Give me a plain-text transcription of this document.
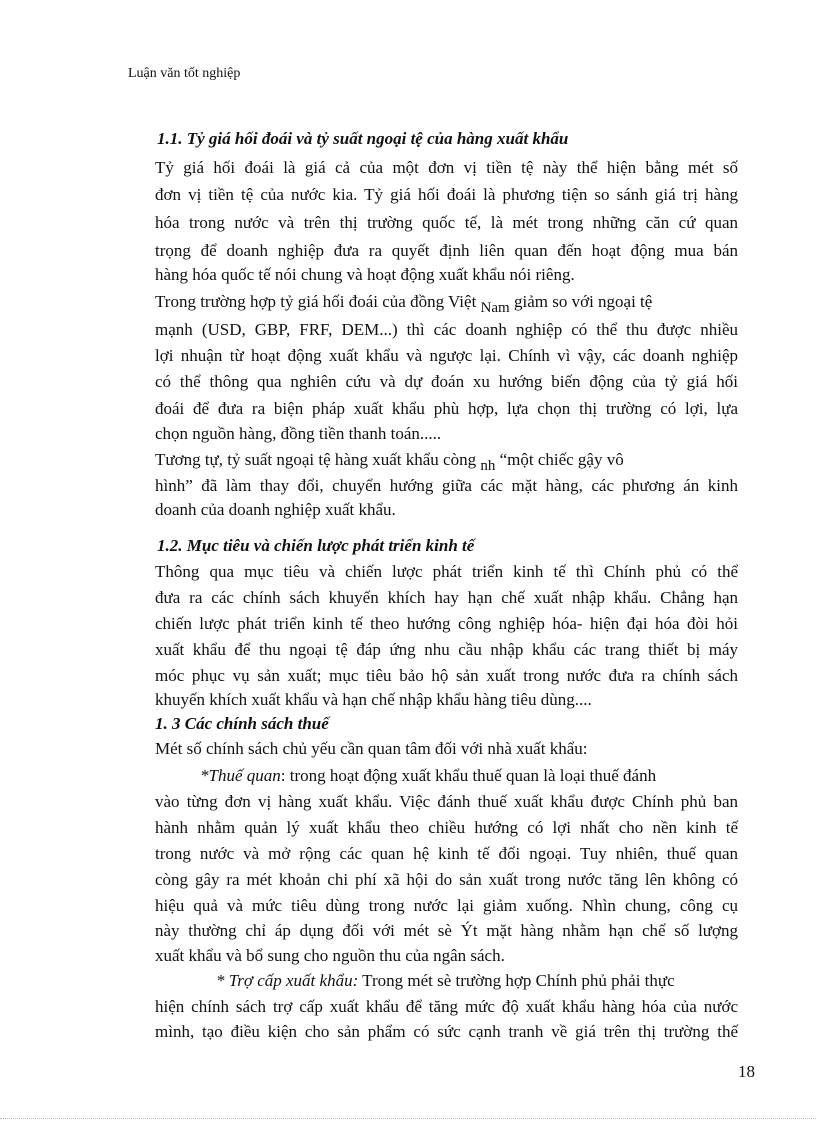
Luận văn tốt nghiệp
1.1. Tỷ giá hối đoái và tỷ suất ngoại tệ của hàng xuất khẩu
Tỷ giá hối đoái là giá cả của một đơn vị tiền tệ này thể hiện bằng mét số
đơn vị tiền tệ của nước kia. Tỷ giá hối đoái là phương tiện so sánh giá trị hàng
hóa trong nước và trên thị trường quốc tế, là mét trong những căn cứ quan
trọng để doanh nghiệp đưa ra quyết định liên quan đến hoạt động mua bán
hàng hóa quốc tế nói chung và hoạt động xuất khẩu nói riêng.
Trong trường hợp tỷ giá hối đoái của đồng Việt Nam giảm so với ngoại tệ
mạnh (USD, GBP, FRF, DEM...) thì các doanh nghiệp có thể thu được nhiều
lợi nhuận từ hoạt động xuất khẩu và ngược lại. Chính vì vậy, các doanh nghiệp
có thể thông qua nghiên cứu và dự đoán xu hướng biến động của tỷ giá hối
đoái để đưa ra biện pháp xuất khẩu phù hợp, lựa chọn thị trường có lợi, lựa
chọn nguồn hàng, đồng tiền thanh toán.....
Tương tự, tỷ suất ngoại tệ hàng xuất khẩu còng nh “một chiếc gậy vô
hình” đã làm thay đổi, chuyển hướng giữa các mặt hàng, các phương án kinh
doanh của doanh nghiệp xuất khẩu.
1.2. Mục tiêu và chiến lược phát triển kinh tế
Thông qua mục tiêu và chiến lược phát triển kinh tế thì Chính phủ có thể
đưa ra các chính sách khuyến khích hay hạn chế xuất nhập khẩu. Chẳng hạn
chiến lược phát triển kinh tế theo hướng công nghiệp hóa- hiện đại hóa đòi hỏi
xuất khẩu để thu ngoại tệ đáp ứng nhu cầu nhập khẩu các trang thiết bị máy
móc phục vụ sản xuất; mục tiêu bảo hộ sản xuất trong nước đưa ra chính sách
khuyến khích xuất khẩu và hạn chế nhập khẩu hàng tiêu dùng....
1. 3 Các chính sách thuế
Mét số chính sách chủ yếu cần quan tâm đối với nhà xuất khẩu:
*Thuế quan: trong hoạt động xuất khẩu thuế quan là loại thuế đánh
vào từng đơn vị hàng xuất khẩu. Việc đánh thuế xuất khẩu được Chính phủ ban
hành nhằm quản lý xuất khẩu theo chiều hướng có lợi nhất cho nền kinh tế
trong nước và mở rộng các quan hệ kinh tế đối ngoại. Tuy nhiên, thuế quan
còng gây ra mét khoản chi phí xã hội do sản xuất trong nước tăng lên không có
hiệu quả và mức tiêu dùng trong nước lại giảm xuống. Nhìn chung, công cụ
này thường chỉ áp dụng đối với mét sè Ýt mặt hàng nhằm hạn chế số lượng
xuất khẩu và bổ sung cho nguồn thu của ngân sách.
* Trợ cấp xuất khẩu: Trong mét sè trường hợp Chính phủ phải thực
hiện chính sách trợ cấp xuất khẩu để tăng mức độ xuất khẩu hàng hóa của nước
mình, tạo điều kiện cho sản phẩm có sức cạnh tranh về giá trên thị trường thế
18
